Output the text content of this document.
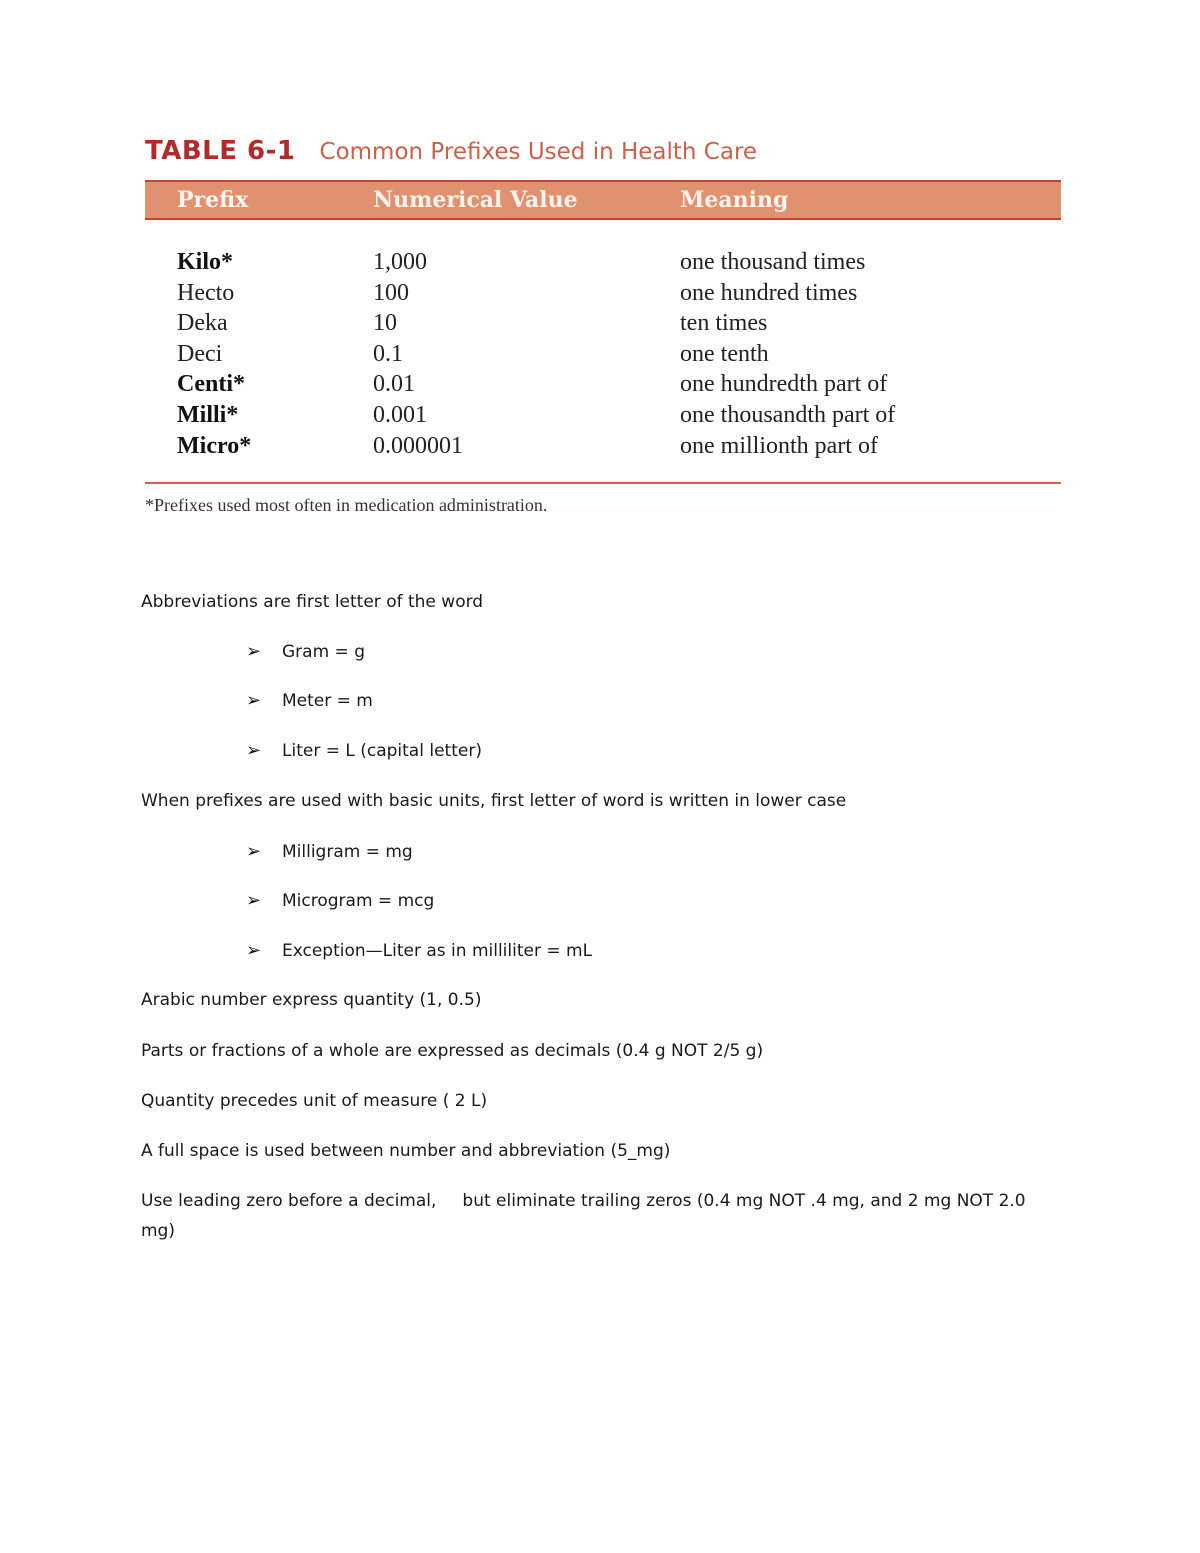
TABLE 6-1 Common Prefixes Used in Health Care
Prefix	Numerical Value	Meaning
Kilo*	1,000	one thousand times
Hecto	100	one hundred times
Deka	10	ten times
Deci	0.1	one tenth
Centi*	0.01	one hundredth part of
Milli*	0.001	one thousandth part of
Micro*	0.000001	one millionth part of
*Prefixes used most often in medication administration.
Abbreviations are first letter of the word
➢ Gram = g
➢ Meter = m
➢ Liter = L (capital letter)
When prefixes are used with basic units, first letter of word is written in lower case
➢ Milligram = mg
➢ Microgram = mcg
➢ Exception—Liter as in milliliter = mL
Arabic number express quantity (1, 0.5)
Parts or fractions of a whole are expressed as decimals (0.4 g NOT 2/5 g)
Quantity precedes unit of measure ( 2 L)
A full space is used between number and abbreviation (5_mg)
Use leading zero before a decimal, but eliminate trailing zeros (0.4 mg NOT .4 mg, and 2 mg NOT 2.0
mg)
